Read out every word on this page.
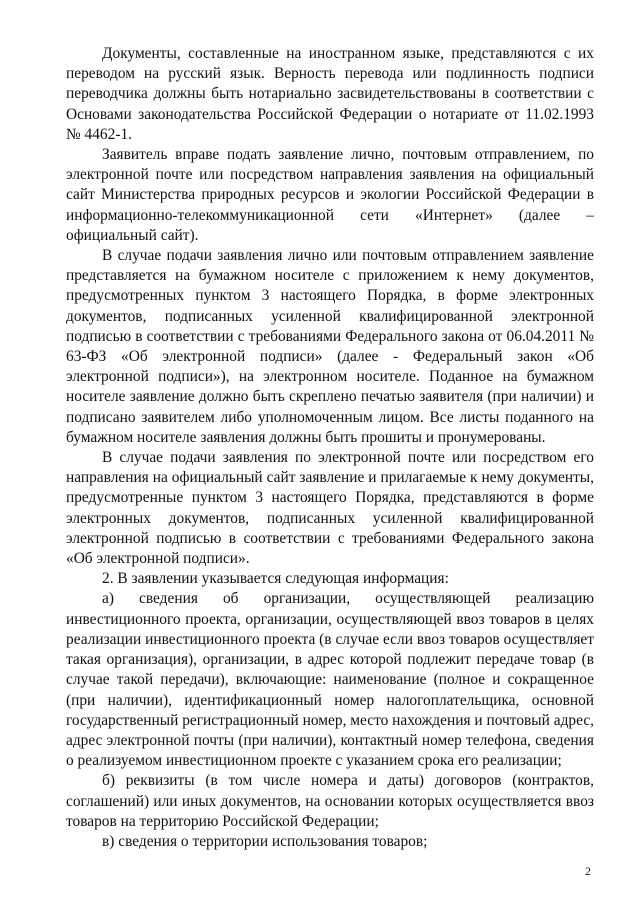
Документы, составленные на иностранном языке, представляются с их переводом на русский язык. Верность перевода или подлинность подписи переводчика должны быть нотариально засвидетельствованы в соответствии с Основами законодательства Российской Федерации о нотариате от 11.02.1993 № 4462-1.

Заявитель вправе подать заявление лично, почтовым отправлением, по электронной почте или посредством направления заявления на официальный сайт Министерства природных ресурсов и экологии Российской Федерации в информационно-телекоммуникационной сети «Интернет» (далее – официальный сайт).

В случае подачи заявления лично или почтовым отправлением заявление представляется на бумажном носителе с приложением к нему документов, предусмотренных пунктом 3 настоящего Порядка, в форме электронных документов, подписанных усиленной квалифицированной электронной подписью в соответствии с требованиями Федерального закона от 06.04.2011 № 63-ФЗ «Об электронной подписи» (далее - Федеральный закон «Об электронной подписи»), на электронном носителе. Поданное на бумажном носителе заявление должно быть скреплено печатью заявителя (при наличии) и подписано заявителем либо уполномоченным лицом. Все листы поданного на бумажном носителе заявления должны быть прошиты и пронумерованы.

В случае подачи заявления по электронной почте или посредством его направления на официальный сайт заявление и прилагаемые к нему документы, предусмотренные пунктом 3 настоящего Порядка, представляются в форме электронных документов, подписанных усиленной квалифицированной электронной подписью в соответствии с требованиями Федерального закона «Об электронной подписи».

2. В заявлении указывается следующая информация:

а) сведения об организации, осуществляющей реализацию инвестиционного проекта, организации, осуществляющей ввоз товаров в целях реализации инвестиционного проекта (в случае если ввоз товаров осуществляет такая организация), организации, в адрес которой подлежит передаче товар (в случае такой передачи), включающие: наименование (полное и сокращенное (при наличии), идентификационный номер налогоплательщика, основной государственный регистрационный номер, место нахождения и почтовый адрес, адрес электронной почты (при наличии), контактный номер телефона, сведения о реализуемом инвестиционном проекте с указанием срока его реализации;

б) реквизиты (в том числе номера и даты) договоров (контрактов, соглашений) или иных документов, на основании которых осуществляется ввоз товаров на территорию Российской Федерации;

в) сведения о территории использования товаров;

2
